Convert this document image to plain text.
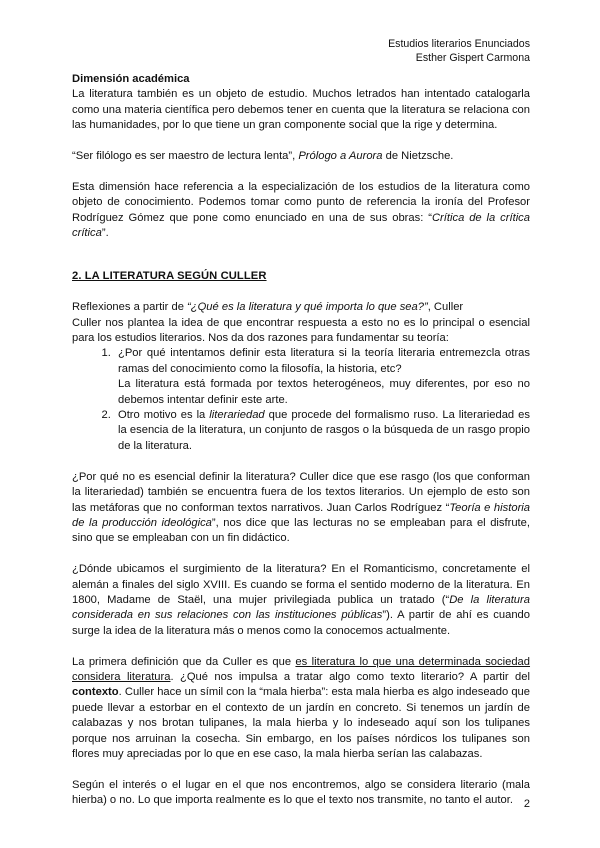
Estudios literarios Enunciados
Esther Gispert Carmona

Dimensión académica

La literatura también es un objeto de estudio. Muchos letrados han intentado catalogarla como una materia científica pero debemos tener en cuenta que la literatura se relaciona con las humanidades, por lo que tiene un gran componente social que la rige y determina.

“Ser filólogo es ser maestro de lectura lenta”, Prólogo a Aurora de Nietzsche.

Esta dimensión hace referencia a la especialización de los estudios de la literatura como objeto de conocimiento. Podemos tomar como punto de referencia la ironía del Profesor Rodríguez Gómez que pone como enunciado en una de sus obras: “Crítica de la crítica crítica”.

2. LA LITERATURA SEGÚN CULLER

Reflexiones a partir de “¿Qué es la literatura y qué importa lo que sea?”, Culler

Culler nos plantea la idea de que encontrar respuesta a esto no es lo principal o esencial para los estudios literarios. Nos da dos razones para fundamentar su teoría:

1. ¿Por qué intentamos definir esta literatura si la teoría literaria entremezcla otras ramas del conocimiento como la filosofía, la historia, etc?
La literatura está formada por textos heterogéneos, muy diferentes, por eso no debemos intentar definir este arte.
2. Otro motivo es la literariedad que procede del formalismo ruso. La literariedad es la esencia de la literatura, un conjunto de rasgos o la búsqueda de un rasgo propio de la literatura.

¿Por qué no es esencial definir la literatura? Culler dice que ese rasgo (los que conforman la literariedad) también se encuentra fuera de los textos literarios. Un ejemplo de esto son las metáforas que no conforman textos narrativos. Juan Carlos Rodríguez “Teoría e historia de la producción ideológica”, nos dice que las lecturas no se empleaban para el disfrute, sino que se empleaban con un fin didáctico.

¿Dónde ubicamos el surgimiento de la literatura? En el Romanticismo, concretamente el alemán a finales del siglo XVIII. Es cuando se forma el sentido moderno de la literatura. En 1800, Madame de Staël, una mujer privilegiada publica un tratado (“De la literatura considerada en sus relaciones con las instituciones públicas”). A partir de ahí es cuando surge la idea de la literatura más o menos como la conocemos actualmente.

La primera definición que da Culler es que es literatura lo que una determinada sociedad considera literatura. ¿Qué nos impulsa a tratar algo como texto literario? A partir del contexto. Culler hace un símil con la “mala hierba”: esta mala hierba es algo indeseado que puede llevar a estorbar en el contexto de un jardín en concreto. Si tenemos un jardín de calabazas y nos brotan tulipanes, la mala hierba y lo indeseado aquí son los tulipanes porque nos arruinan la cosecha. Sin embargo, en los países nórdicos los tulipanes son flores muy apreciadas por lo que en ese caso, la mala hierba serían las calabazas.

Según el interés o el lugar en el que nos encontremos, algo se considera literario (mala hierba) o no. Lo que importa realmente es lo que el texto nos transmite, no tanto el autor. 2
